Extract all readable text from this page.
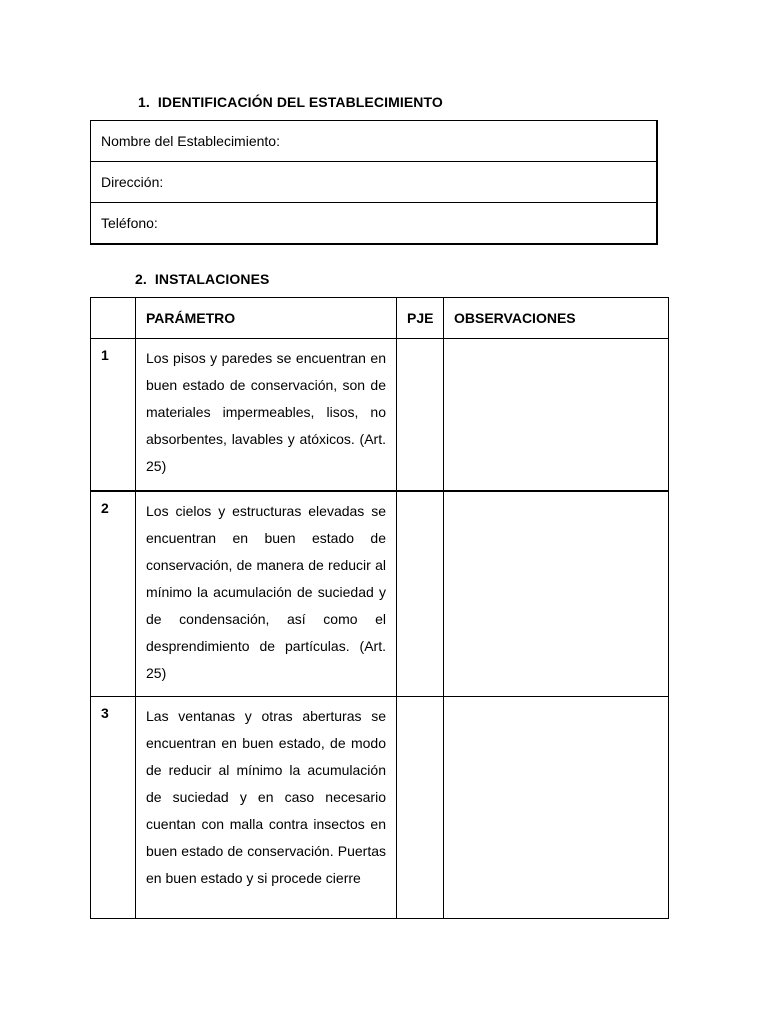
1. IDENTIFICACIÓN DEL ESTABLECIMIENTO
Nombre del Establecimiento:
Dirección:
Teléfono:
2. INSTALACIONES
	PARÁMETRO	PJE	OBSERVACIONES
1	Los pisos y paredes se encuentran en buen estado de conservación, son de materiales impermeables, lisos, no absorbentes, lavables y atóxicos. (Art. 25)		

2	Los cielos y estructuras elevadas se encuentran en buen estado de conservación, de manera de reducir al mínimo la acumulación de suciedad y de condensación, así como el desprendimiento de partículas. (Art. 25)		

3	Las ventanas y otras aberturas se encuentran en buen estado, de modo de reducir al mínimo la acumulación de suciedad y en caso necesario cuentan con malla contra insectos en buen estado de conservación. Puertas en buen estado y si procede cierre		
